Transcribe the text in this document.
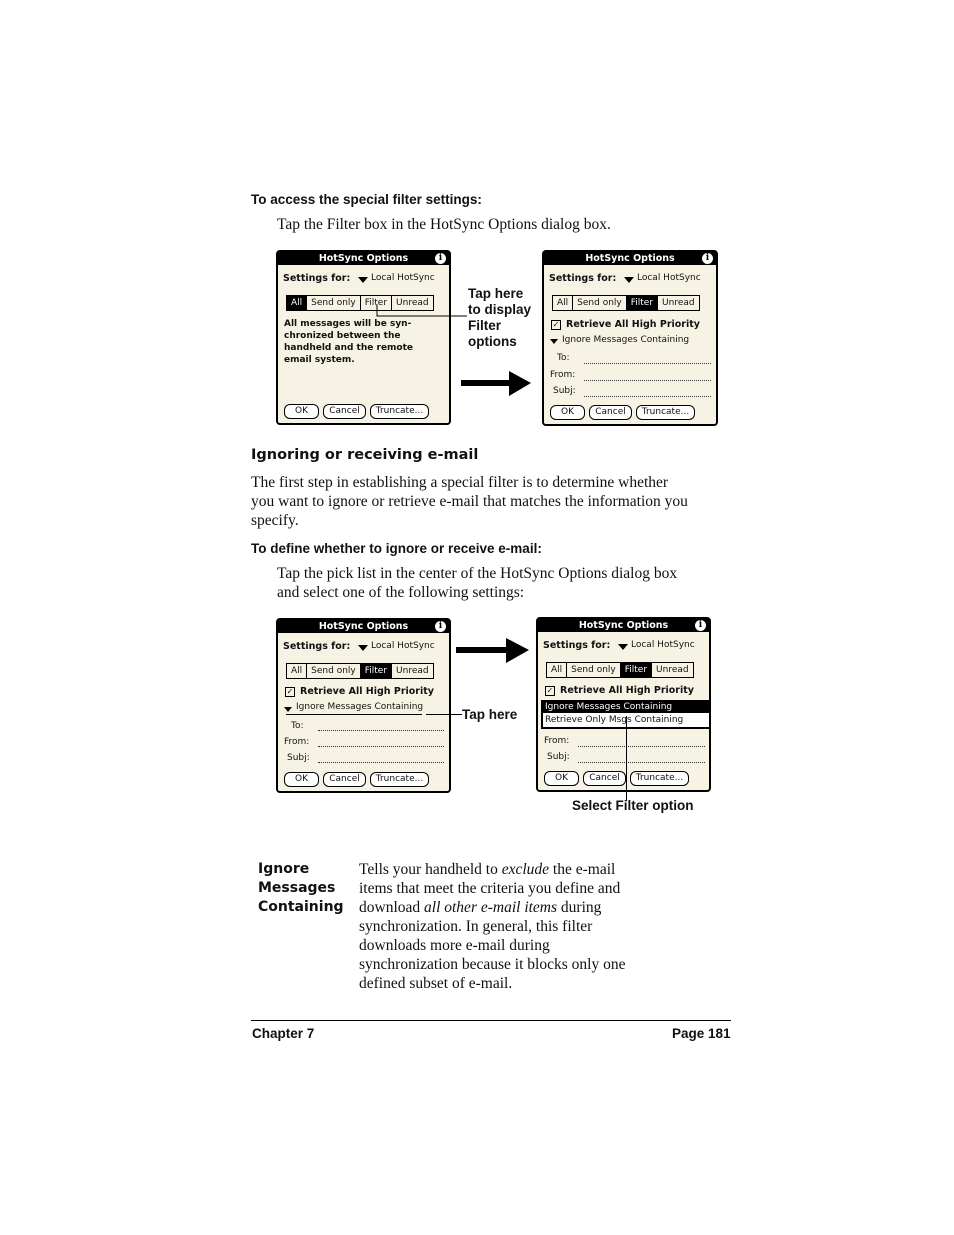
To access the special filter settings:
Tap the Filter box in the HotSync Options dialog box.
HotSync Options	i
Settings for: Local HotSync
All	Send only	Filter	Unread
All messages will be syn-
chronized between the
handheld and the remote
email system.
OK	Cancel	Truncate...
Tap here
to display
Filter
options
HotSync Options	i
Settings for: Local HotSync
All	Send only	Filter	Unread
✓ Retrieve All High Priority
Ignore Messages Containing
To:
From:
Subj:
OK	Cancel	Truncate...
Ignoring or receiving e-mail
The first step in establishing a special filter is to determine whether
you want to ignore or retrieve e-mail that matches the information you
specify.
To define whether to ignore or receive e-mail:
Tap the pick list in the center of the HotSync Options dialog box
and select one of the following settings:
HotSync Options	i
Settings for: Local HotSync
All	Send only	Filter	Unread
✓ Retrieve All High Priority
Ignore Messages Containing
To:
From:
Subj:
OK	Cancel	Truncate...
Tap here
HotSync Options	i
Settings for: Local HotSync
All	Send only	Filter	Unread
✓ Retrieve All High Priority
Ignore Messages Containing
Retrieve Only Msgs Containing
From:
Subj:
OK	Cancel	Truncate...
Select Filter option
Ignore
Messages
Containing
Tells your handheld to exclude the e-mail
items that meet the criteria you define and
download all other e-mail items during
synchronization. In general, this filter
downloads more e-mail during
synchronization because it blocks only one
defined subset of e-mail.
Chapter 7	Page 181
